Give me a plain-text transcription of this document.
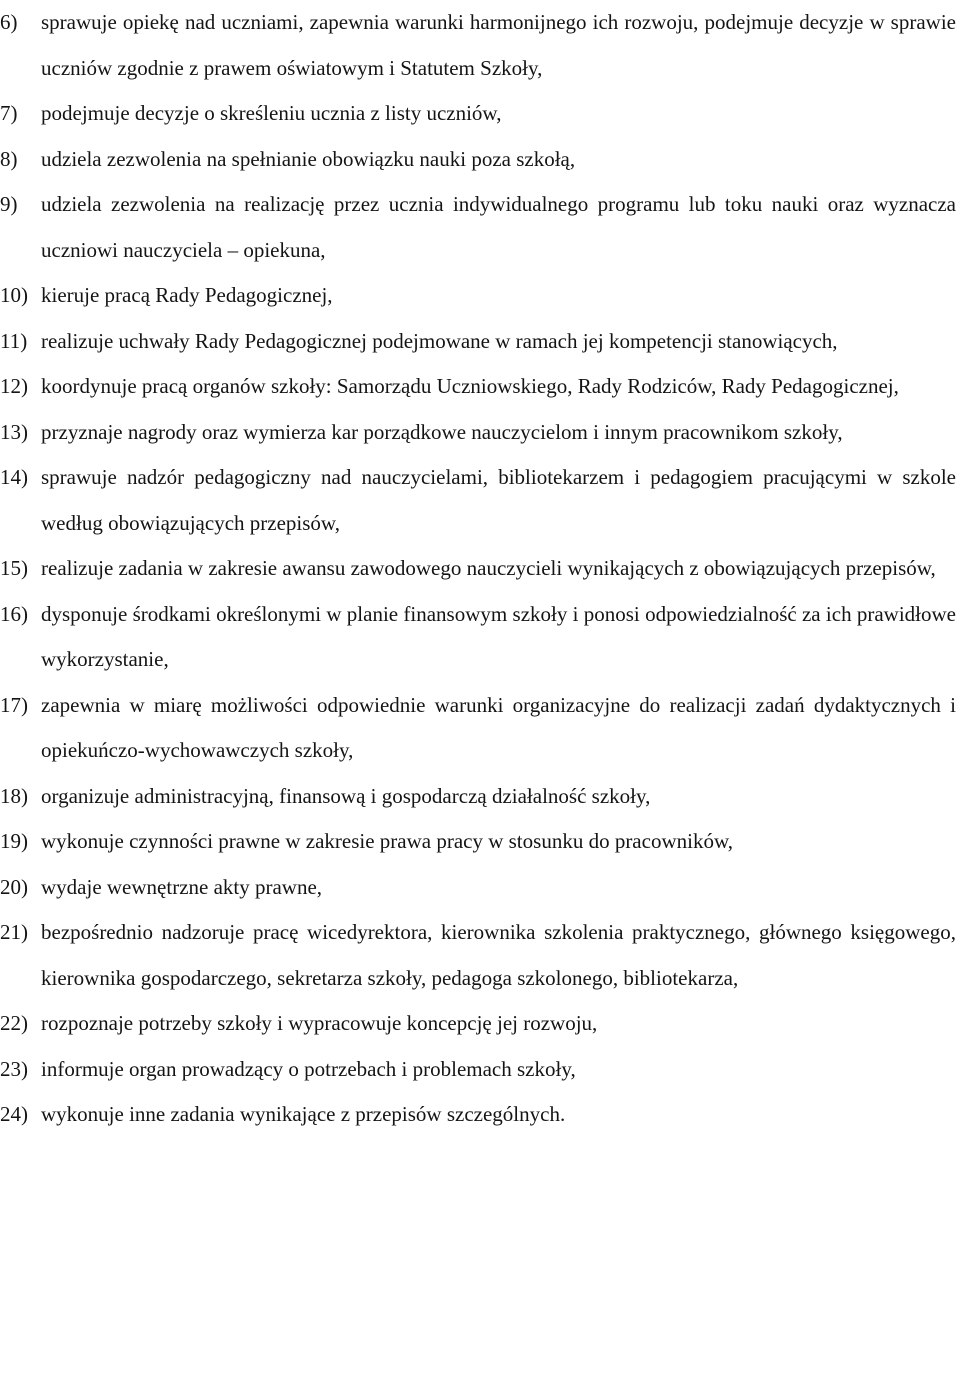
6) sprawuje opiekę nad uczniami, zapewnia warunki harmonijnego ich rozwoju, podejmuje decyzje w sprawie uczniów zgodnie z prawem oświatowym i Statutem Szkoły,
7) podejmuje decyzje o skreśleniu ucznia z listy uczniów,
8) udziela zezwolenia na spełnianie obowiązku nauki poza szkołą,
9) udziela zezwolenia na realizację przez ucznia indywidualnego programu lub toku nauki oraz wyznacza uczniowi nauczyciela – opiekuna,
10) kieruje pracą Rady Pedagogicznej,
11) realizuje uchwały Rady Pedagogicznej podejmowane w ramach jej kompetencji stanowiących,
12) koordynuje pracą organów szkoły: Samorządu Uczniowskiego, Rady Rodziców, Rady Pedagogicznej,
13) przyznaje nagrody oraz wymierza kar porządkowe nauczycielom i innym pracownikom szkoły,
14) sprawuje nadzór pedagogiczny nad nauczycielami, bibliotekarzem i pedagogiem pracującymi w szkole według obowiązujących przepisów,
15) realizuje zadania w zakresie awansu zawodowego nauczycieli wynikających z obowiązujących przepisów,
16) dysponuje środkami określonymi w planie finansowym szkoły i ponosi odpowiedzialność za ich prawidłowe wykorzystanie,
17) zapewnia w miarę możliwości odpowiednie warunki organizacyjne do realizacji zadań dydaktycznych i opiekuńczo-wychowawczych szkoły,
18) organizuje administracyjną, finansową i gospodarczą działalność szkoły,
19) wykonuje czynności prawne w zakresie prawa pracy w stosunku do pracowników,
20) wydaje wewnętrzne akty prawne,
21) bezpośrednio nadzoruje pracę wicedyrektora, kierownika szkolenia praktycznego, głównego księgowego, kierownika gospodarczego, sekretarza szkoły, pedagoga szkolonego, bibliotekarza,
22) rozpoznaje potrzeby szkoły i wypracowuje koncepcję jej rozwoju,
23) informuje organ prowadzący o potrzebach i problemach szkoły,
24) wykonuje inne zadania wynikające z przepisów szczególnych.
